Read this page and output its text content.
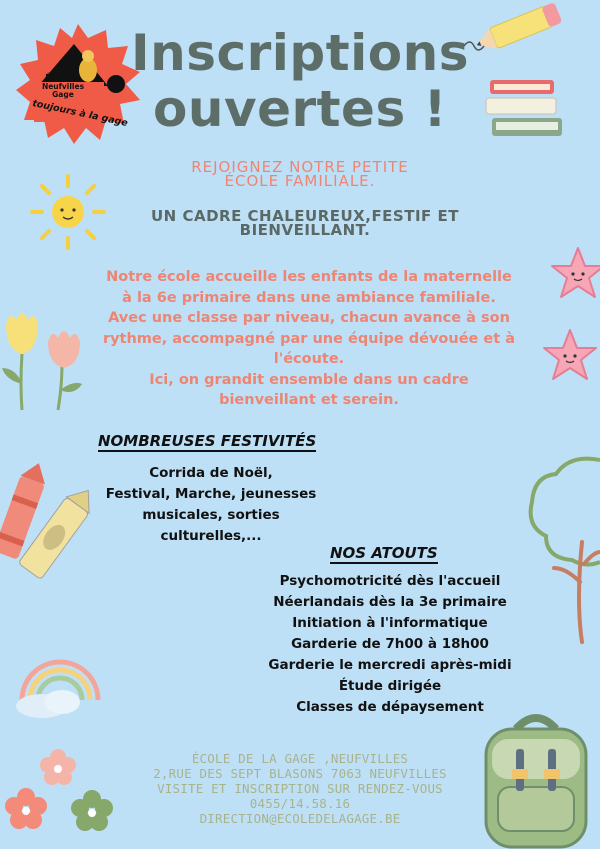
École de
Neufvilles
Gage
toujours à la gage
Inscriptions
ouvertes !
REJOIGNEZ NOTRE PETITE
ÉCOLE FAMILIALE.
UN CADRE CHALEUREUX,FESTIF ET
BIENVEILLANT.

Notre école accueille les enfants de la maternelle

à la 6e primaire dans une ambiance familiale.

Avec une classe par niveau, chacun avance à son

rythme, accompagné par une équipe dévouée et à

l'écoute.

Ici, on grandit ensemble dans un cadre

bienveillant et serein.

NOMBREUSES FESTIVITÉS
Corrida de Noël,
Festival, Marche, jeunesses
musicales, sorties
culturelles,...
NOS ATOUTS
Psychomotricité dès l'accueil
Néerlandais dès la 3e primaire
Initiation à l'informatique
Garderie de 7h00 à 18h00
Garderie le mercredi après-midi
Étude dirigée
Classes de dépaysement
ÉCOLE DE LA GAGE ,NEUFVILLES
2,RUE DES SEPT BLASONS 7063 NEUFVILLES
VISITE ET INSCRIPTION SUR RENDEZ-VOUS
0455/14.58.16
DIRECTION@ECOLEDELAGAGE.BE
